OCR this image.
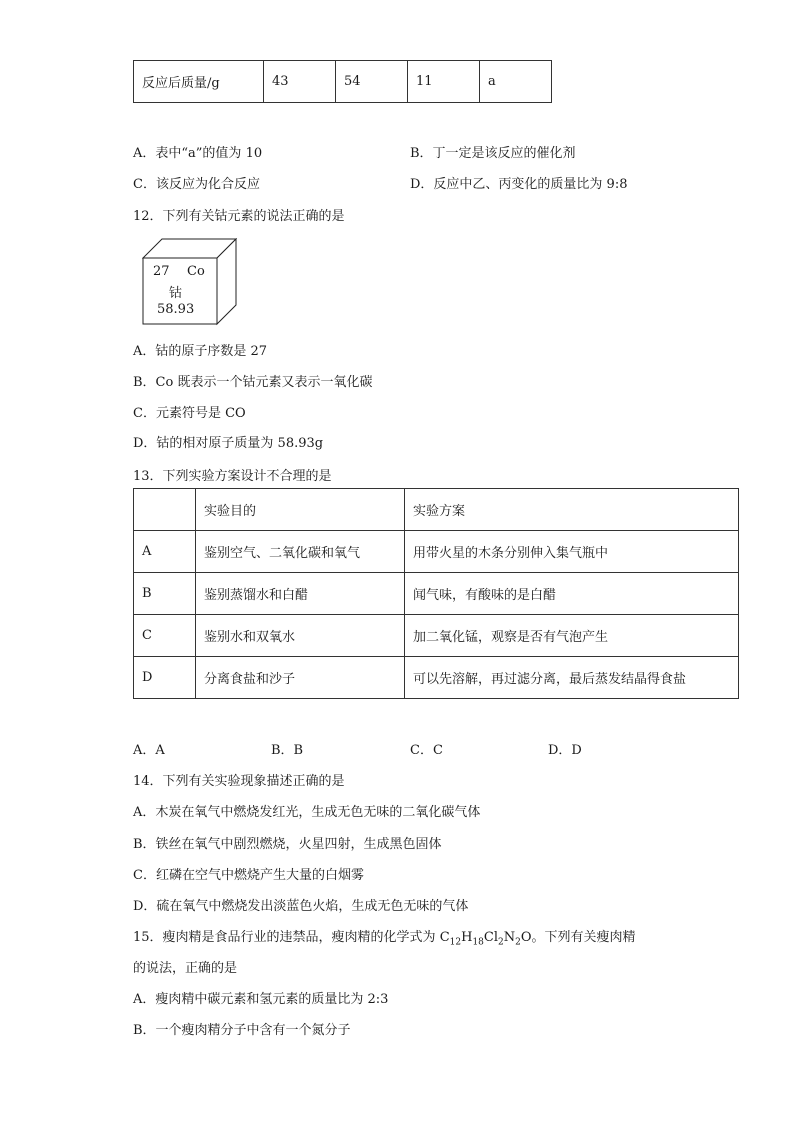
反应后质量/g	43	54	11	a
A．表中“a”的值为 10	B．丁一定是该反应的催化剂
C．该反应为化合反应	D．反应中乙、丙变化的质量比为 9:8
12．下列有关钴元素的说法正确的是
27 Co
钴
58.93
A．钴的原子序数是 27
B．Co 既表示一个钴元素又表示一氧化碳
C．元素符号是 CO
D．钴的相对原子质量为 58.93g
13．下列实验方案设计不合理的是
	实验目的	实验方案
A	鉴别空气、二氧化碳和氧气	用带火星的木条分别伸入集气瓶中
B	鉴别蒸馏水和白醋	闻气味，有酸味的是白醋
C	鉴别水和双氧水	加二氧化锰，观察是否有气泡产生
D	分离食盐和沙子	可以先溶解，再过滤分离，最后蒸发结晶得食盐
A．A	B．B	C．C	D．D
14．下列有关实验现象描述正确的是
A．木炭在氧气中燃烧发红光，生成无色无味的二氧化碳气体
B．铁丝在氧气中剧烈燃烧，火星四射，生成黑色固体
C．红磷在空气中燃烧产生大量的白烟雾
D．硫在氧气中燃烧发出淡蓝色火焰，生成无色无味的气体
15．瘦肉精是食品行业的违禁品，瘦肉精的化学式为 $C_{12}H_{18}Cl_2N_2O$。下列有关瘦肉精
的说法，正确的是
A．瘦肉精中碳元素和氢元素的质量比为 2:3
B．一个瘦肉精分子中含有一个氮分子
